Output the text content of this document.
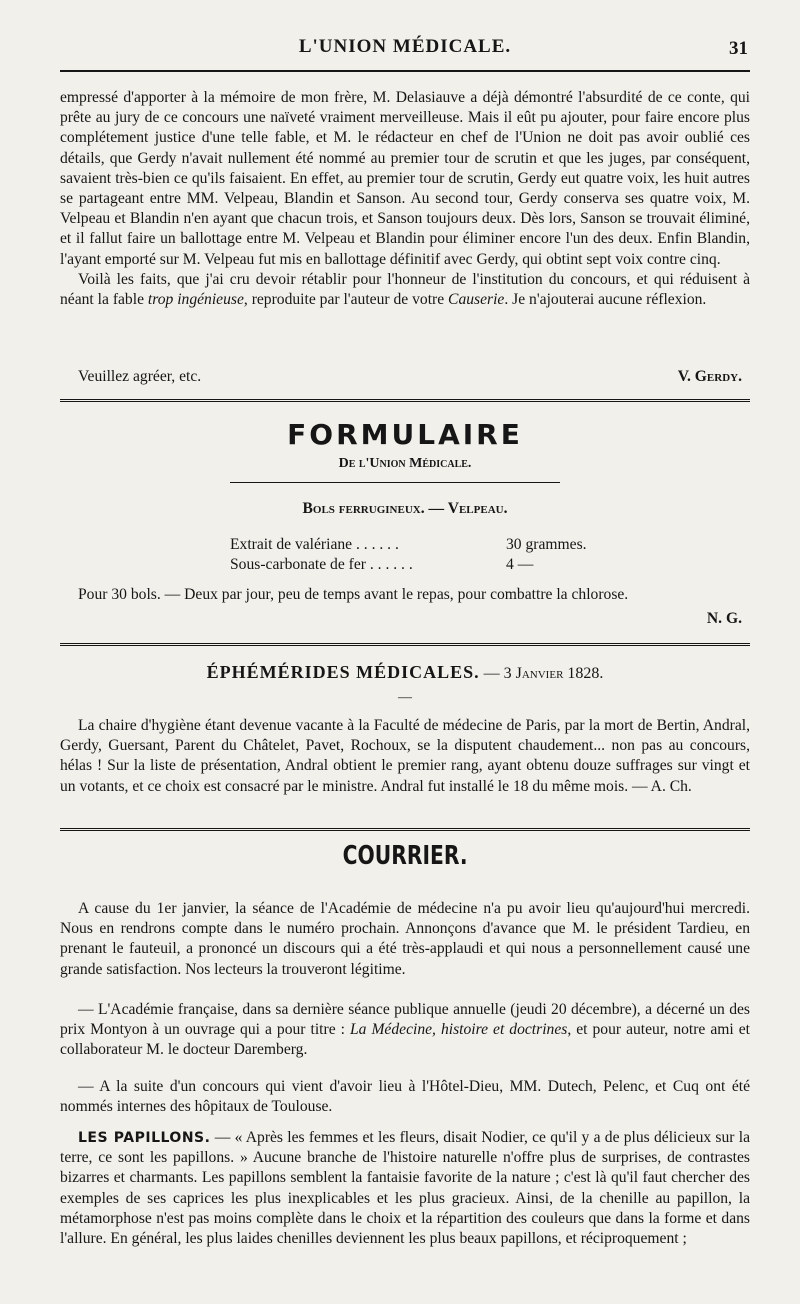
L'UNION MÉDICALE.	31

empressé d'apporter à la mémoire de mon frère, M. Delasiauve a déjà démontré l'absurdité de ce conte, qui prête au jury de ce concours une naïveté vraiment merveilleuse. Mais il eût pu ajouter, pour faire encore plus complétement justice d'une telle fable, et M. le rédacteur en chef de l'Union ne doit pas avoir oublié ces détails, que Gerdy n'avait nullement été nommé au premier tour de scrutin et que les juges, par conséquent, savaient très-bien ce qu'ils faisaient. En effet, au premier tour de scrutin, Gerdy eut quatre voix, les huit autres se partageant entre MM. Velpeau, Blandin et Sanson. Au second tour, Gerdy conserva ses quatre voix, M. Velpeau et Blandin n'en ayant que chacun trois, et Sanson toujours deux. Dès lors, Sanson se trouvait éliminé, et il fallut faire un ballottage entre M. Velpeau et Blandin pour éliminer encore l'un des deux. Enfin Blandin, l'ayant emporté sur M. Velpeau fut mis en ballottage définitif avec Gerdy, qui obtint sept voix contre cinq.

Voilà les faits, que j'ai cru devoir rétablir pour l'honneur de l'institution du concours, et qui réduisent à néant la fable trop ingénieuse, reproduite par l'auteur de votre Causerie. Je n'ajouterai aucune réflexion.

Veuillez agréer, etc.	V. Gerdy.
FORMULAIRE
De l'Union Médicale.
Bols ferrugineux. — Velpeau.
Extrait de valériane . . . . . .	30 grammes.
Sous-carbonate de fer . . . . . .	4 —
Pour 30 bols. — Deux par jour, peu de temps avant le repas, pour combattre la chlorose.
N. G.
ÉPHÉMÉRIDES MÉDICALES. — 3 Janvier 1828.
—
La chaire d'hygiène étant devenue vacante à la Faculté de médecine de Paris, par la mort de Bertin, Andral, Gerdy, Guersant, Parent du Châtelet, Pavet, Rochoux, se la disputent chaudement... non pas au concours, hélas ! Sur la liste de présentation, Andral obtient le premier rang, ayant obtenu douze suffrages sur vingt et un votants, et ce choix est consacré par le ministre. Andral fut installé le 18 du même mois. — A. Ch.
COURRIER.
A cause du 1er janvier, la séance de l'Académie de médecine n'a pu avoir lieu qu'aujourd'hui mercredi. Nous en rendrons compte dans le numéro prochain. Annonçons d'avance que M. le président Tardieu, en prenant le fauteuil, a prononcé un discours qui a été très-applaudi et qui nous a personnellement causé une grande satisfaction. Nos lecteurs la trouveront légitime.
— L'Académie française, dans sa dernière séance publique annuelle (jeudi 20 décembre), a décerné un des prix Montyon à un ouvrage qui a pour titre : La Médecine, histoire et doctrines, et pour auteur, notre ami et collaborateur M. le docteur Daremberg.
— A la suite d'un concours qui vient d'avoir lieu à l'Hôtel-Dieu, MM. Dutech, Pelenc, et Cuq ont été nommés internes des hôpitaux de Toulouse.
LES PAPILLONS. — « Après les femmes et les fleurs, disait Nodier, ce qu'il y a de plus délicieux sur la terre, ce sont les papillons. » Aucune branche de l'histoire naturelle n'offre plus de surprises, de contrastes bizarres et charmants. Les papillons semblent la fantaisie favorite de la nature ; c'est là qu'il faut chercher des exemples de ses caprices les plus inexplicables et les plus gracieux. Ainsi, de la chenille au papillon, la métamorphose n'est pas moins complète dans le choix et la répartition des couleurs que dans la forme et dans l'allure. En général, les plus laides chenilles deviennent les plus beaux papillons, et réciproquement ;
